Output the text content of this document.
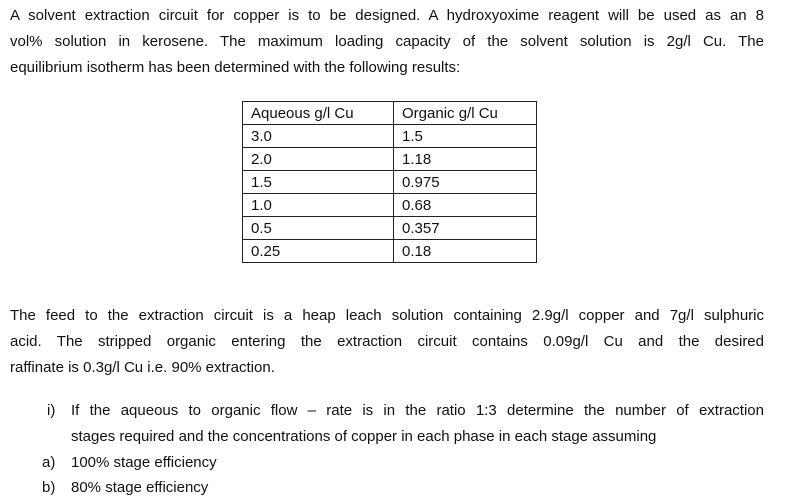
A solvent extraction circuit for copper is to be designed. A hydroxyoxime reagent will be used as an 8
vol% solution in kerosene. The maximum loading capacity of the solvent solution is 2g/l Cu. The
equilibrium isotherm has been determined with the following results:
Aqueous g/l Cu	Organic g/l Cu
3.0	1.5
2.0	1.18
1.5	0.975
1.0	0.68
0.5	0.357
0.25	0.18
The feed to the extraction circuit is a heap leach solution containing 2.9g/l copper and 7g/l sulphuric
acid. The stripped organic entering the extraction circuit contains 0.09g/l Cu and the desired
raffinate is 0.3g/l Cu i.e. 90% extraction.
i) If the aqueous to organic flow – rate is in the ratio 1:3 determine the number of extraction
stages required and the concentrations of copper in each phase in each stage assuming
a) 100% stage efficiency
b) 80% stage efficiency
